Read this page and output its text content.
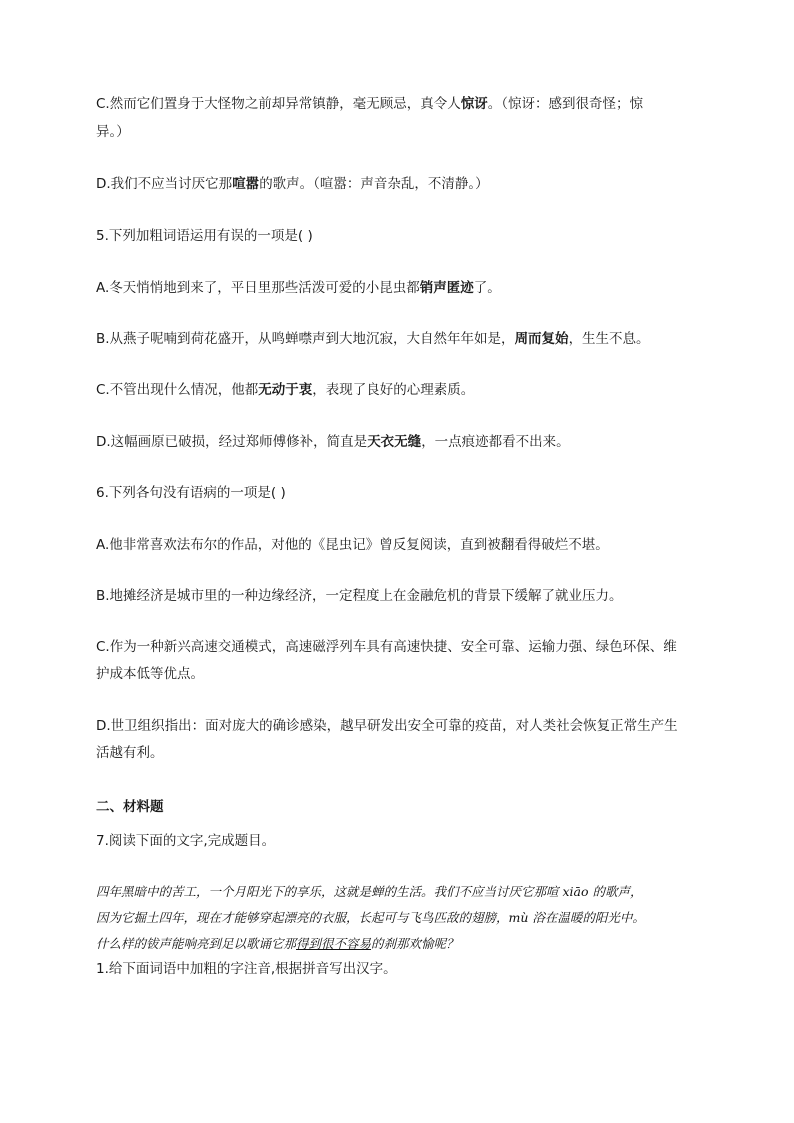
C.然而它们置身于大怪物之前却异常镇静，毫无顾忌，真令人惊讶。（惊讶：感到很奇怪；惊
异。）
D.我们不应当讨厌它那喧嚣的歌声。（喧嚣：声音杂乱，不清静。）
5.下列加粗词语运用有误的一项是( )
A.冬天悄悄地到来了，平日里那些活泼可爱的小昆虫都销声匿迹了。
B.从燕子呢喃到荷花盛开，从鸣蝉噤声到大地沉寂，大自然年年如是，周而复始，生生不息。
C.不管出现什么情况，他都无动于衷，表现了良好的心理素质。
D.这幅画原已破损，经过郑师傅修补，简直是天衣无缝，一点痕迹都看不出来。
6.下列各句没有语病的一项是( )
A.他非常喜欢法布尔的作品，对他的《昆虫记》曾反复阅读，直到被翻看得破烂不堪。
B.地摊经济是城市里的一种边缘经济，一定程度上在金融危机的背景下缓解了就业压力。
C.作为一种新兴高速交通模式，高速磁浮列车具有高速快捷、安全可靠、运输力强、绿色环保、维
护成本低等优点。
D.世卫组织指出：面对庞大的确诊感染，越早研发出安全可靠的疫苗，对人类社会恢复正常生产生
活越有利。
二、材料题
7.阅读下面的文字,完成题目。
四年黑暗中的苦工，一个月阳光下的享乐，这就是蝉的生活。我们不应当讨厌它那喧 xiāo 的歌声，
因为它掘土四年，现在才能够穿起漂亮的衣服，长起可与飞鸟匹敌的翅膀，mù 浴在温暖的阳光中。
什么样的钹声能响亮到足以歌诵它那得到很不容易的刹那欢愉呢？
1.给下面词语中加粗的字注音,根据拼音写出汉字。
